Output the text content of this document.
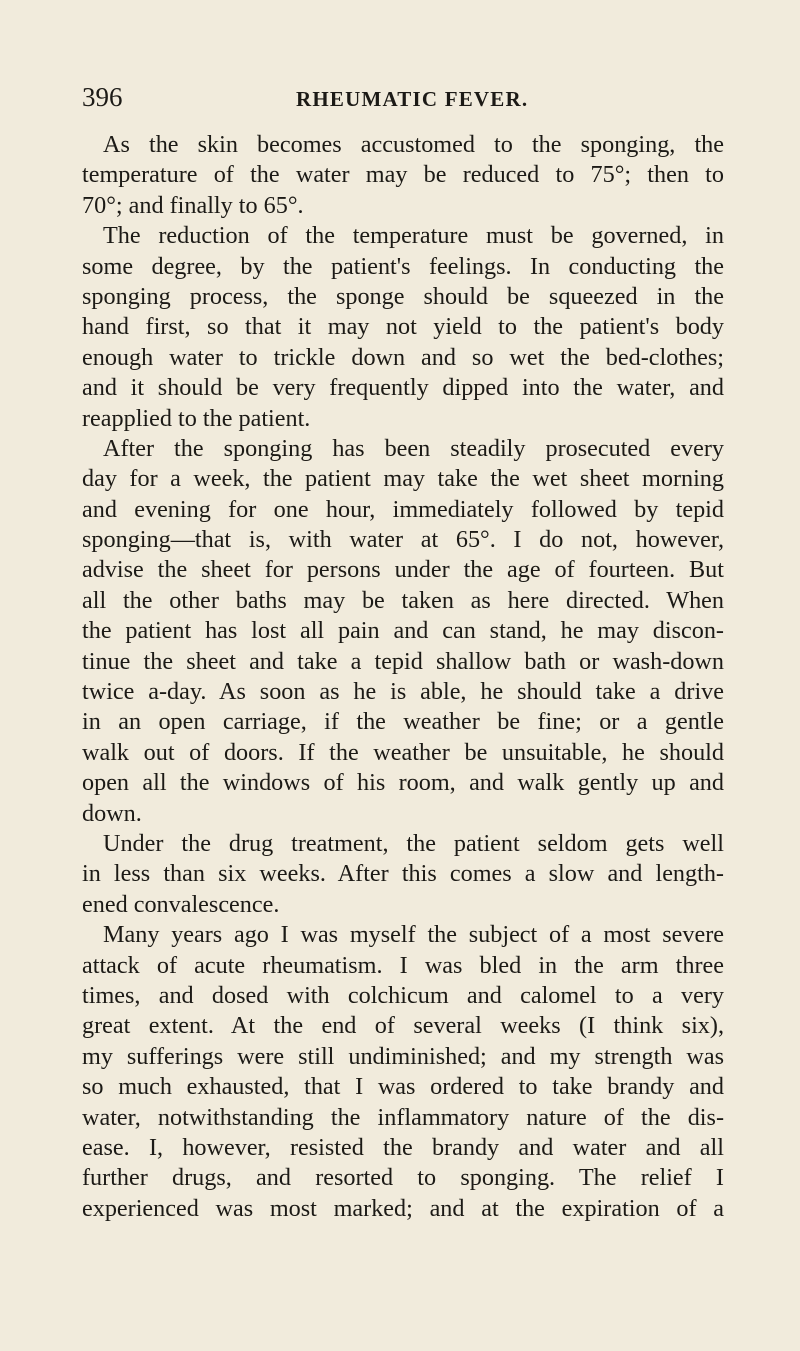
396	RHEUMATIC FEVER.
As the skin becomes accustomed to the sponging, the
temperature of the water may be reduced to 75°; then to
70°; and finally to 65°.
The reduction of the temperature must be governed, in
some degree, by the patient's feelings. In conducting the
sponging process, the sponge should be squeezed in the
hand first, so that it may not yield to the patient's body
enough water to trickle down and so wet the bed-clothes;
and it should be very frequently dipped into the water, and
reapplied to the patient.
After the sponging has been steadily prosecuted every
day for a week, the patient may take the wet sheet morning
and evening for one hour, immediately followed by tepid
sponging—that is, with water at 65°. I do not, however,
advise the sheet for persons under the age of fourteen. But
all the other baths may be taken as here directed. When
the patient has lost all pain and can stand, he may discon-
tinue the sheet and take a tepid shallow bath or wash-down
twice a-day. As soon as he is able, he should take a drive
in an open carriage, if the weather be fine; or a gentle
walk out of doors. If the weather be unsuitable, he should
open all the windows of his room, and walk gently up and
down.
Under the drug treatment, the patient seldom gets well
in less than six weeks. After this comes a slow and length-
ened convalescence.
Many years ago I was myself the subject of a most severe
attack of acute rheumatism. I was bled in the arm three
times, and dosed with colchicum and calomel to a very
great extent. At the end of several weeks (I think six),
my sufferings were still undiminished; and my strength was
so much exhausted, that I was ordered to take brandy and
water, notwithstanding the inflammatory nature of the dis-
ease. I, however, resisted the brandy and water and all
further drugs, and resorted to sponging. The relief I
experienced was most marked; and at the expiration of a
